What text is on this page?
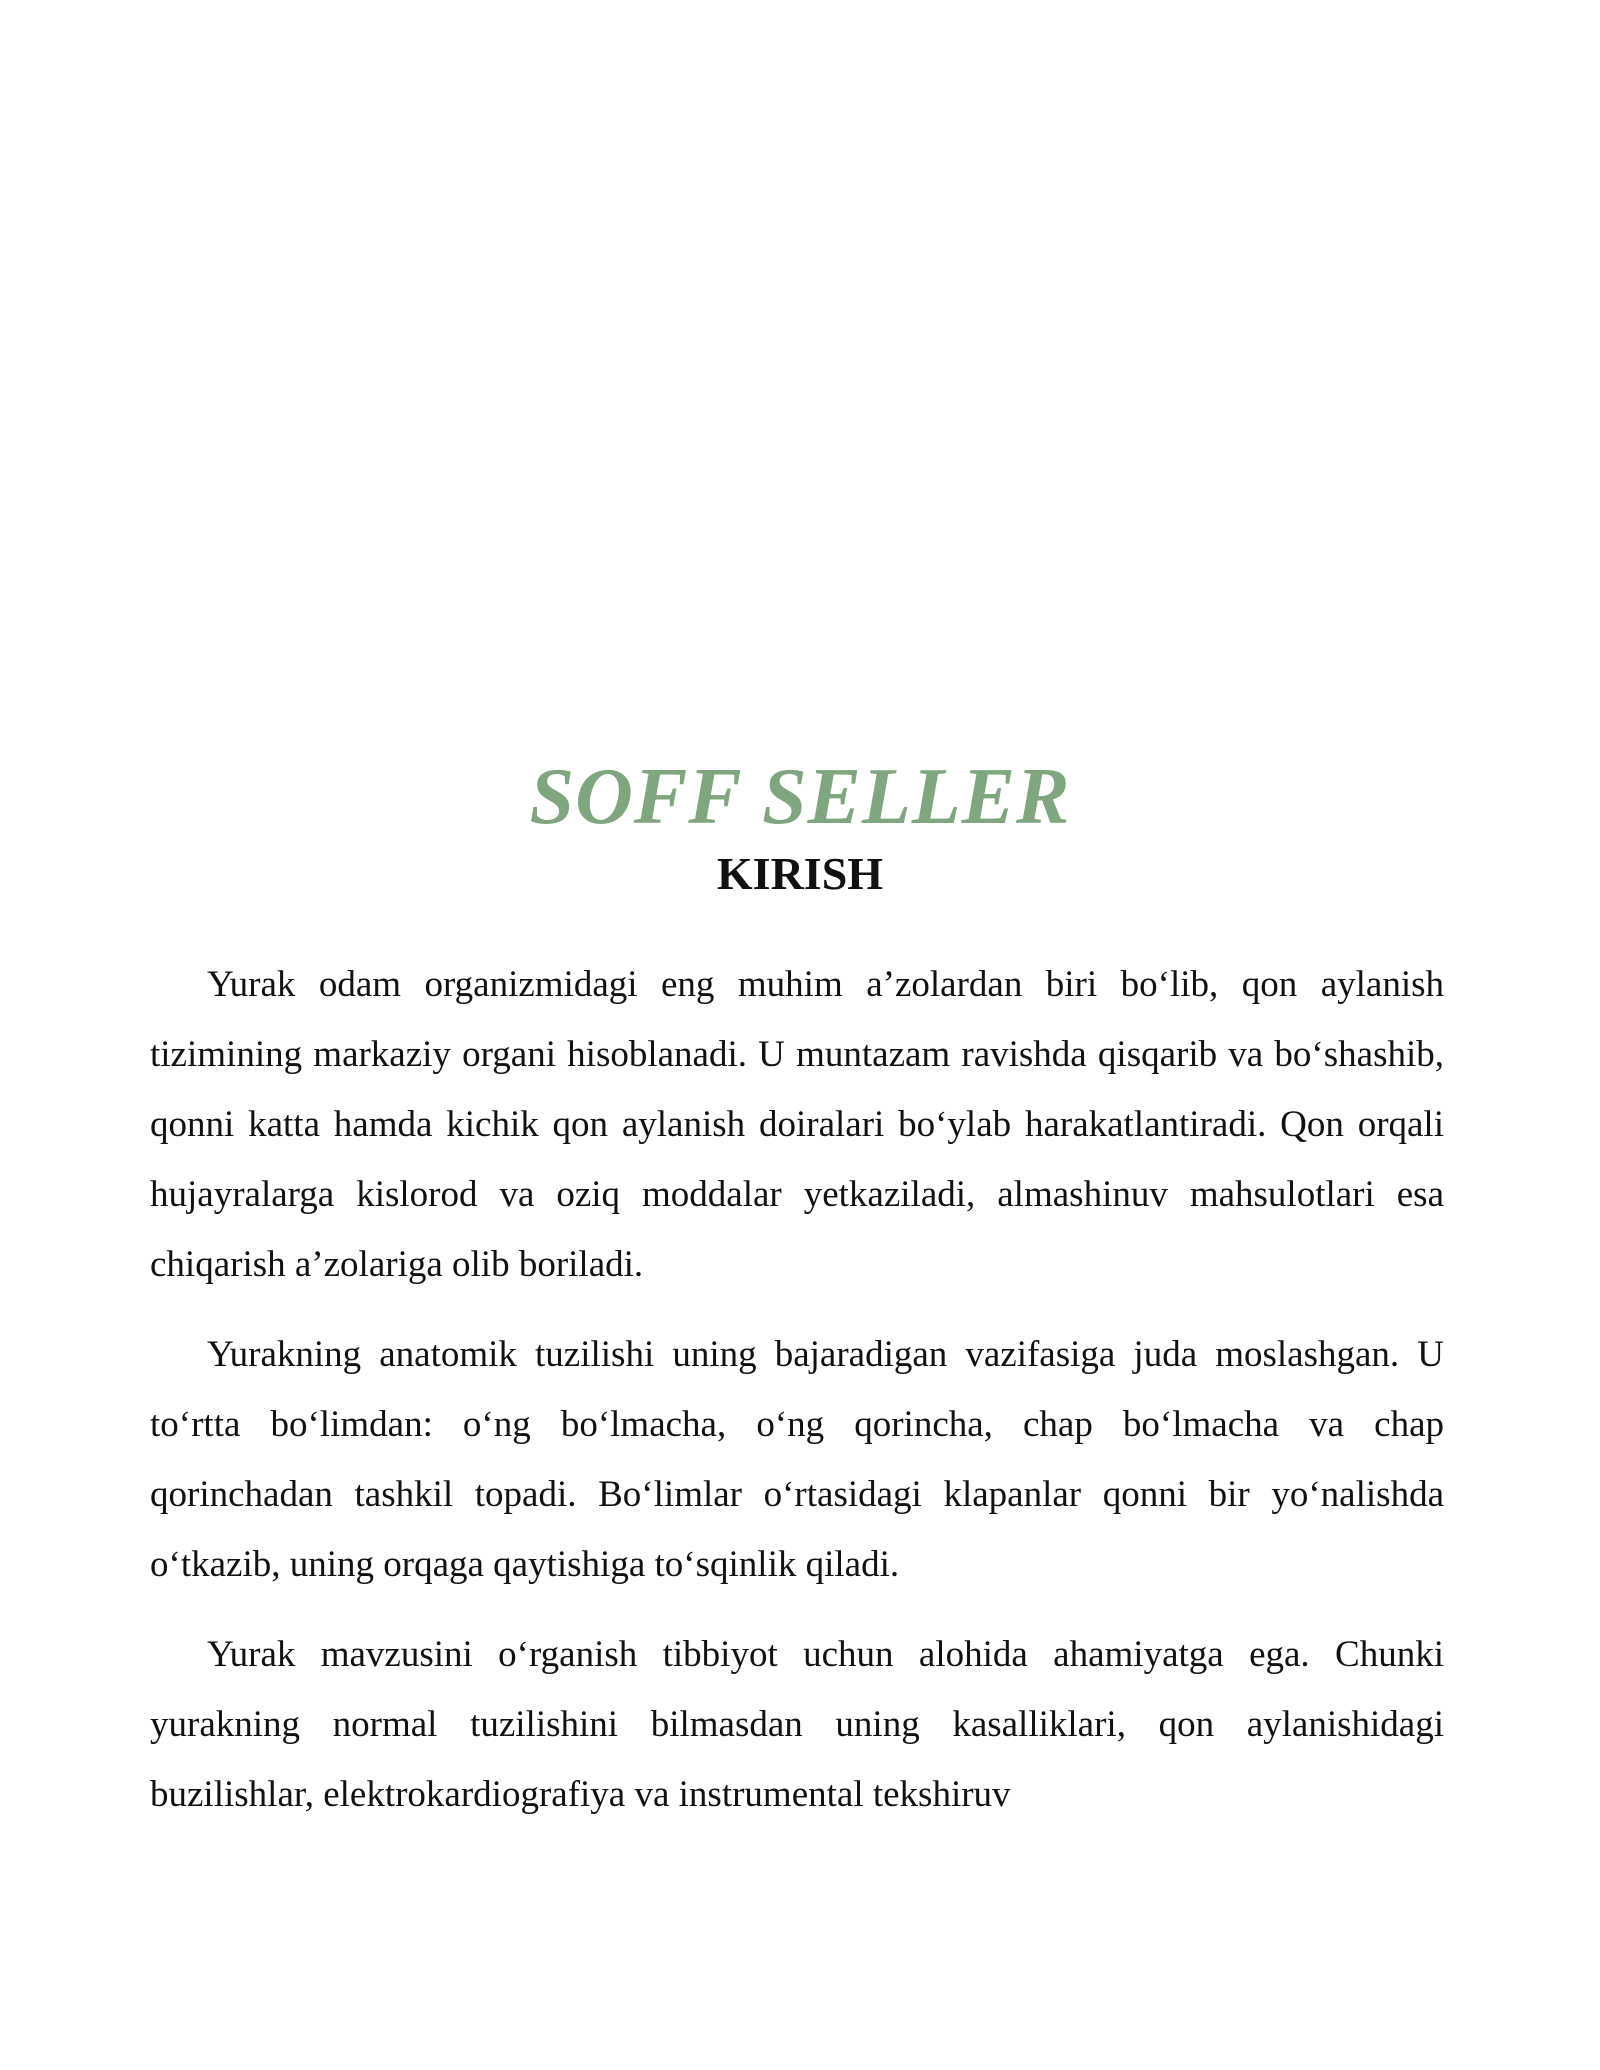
SOFF SELLER
KIRISH

Yurak odam organizmidagi eng muhim a’zolardan biri bo‘lib, qon aylanish tizimining markaziy organi hisoblanadi. U muntazam ravishda qisqarib va bo‘shashib, qonni katta hamda kichik qon aylanish doiralari bo‘ylab harakatlantiradi. Qon orqali hujayralarga kislorod va oziq moddalar yetkaziladi, almashinuv mahsulotlari esa chiqarish a’zolariga olib boriladi.

Yurakning anatomik tuzilishi uning bajaradigan vazifasiga juda moslashgan. U to‘rtta bo‘limdan: o‘ng bo‘lmacha, o‘ng qorincha, chap bo‘lmacha va chap qorinchadan tashkil topadi. Bo‘limlar o‘rtasidagi klapanlar qonni bir yo‘nalishda o‘tkazib, uning orqaga qaytishiga to‘sqinlik qiladi.

Yurak mavzusini o‘rganish tibbiyot uchun alohida ahamiyatga ega. Chunki yurakning normal tuzilishini bilmasdan uning kasalliklari, qon aylanishidagi buzilishlar, elektrokardiografiya va instrumental tekshiruv
